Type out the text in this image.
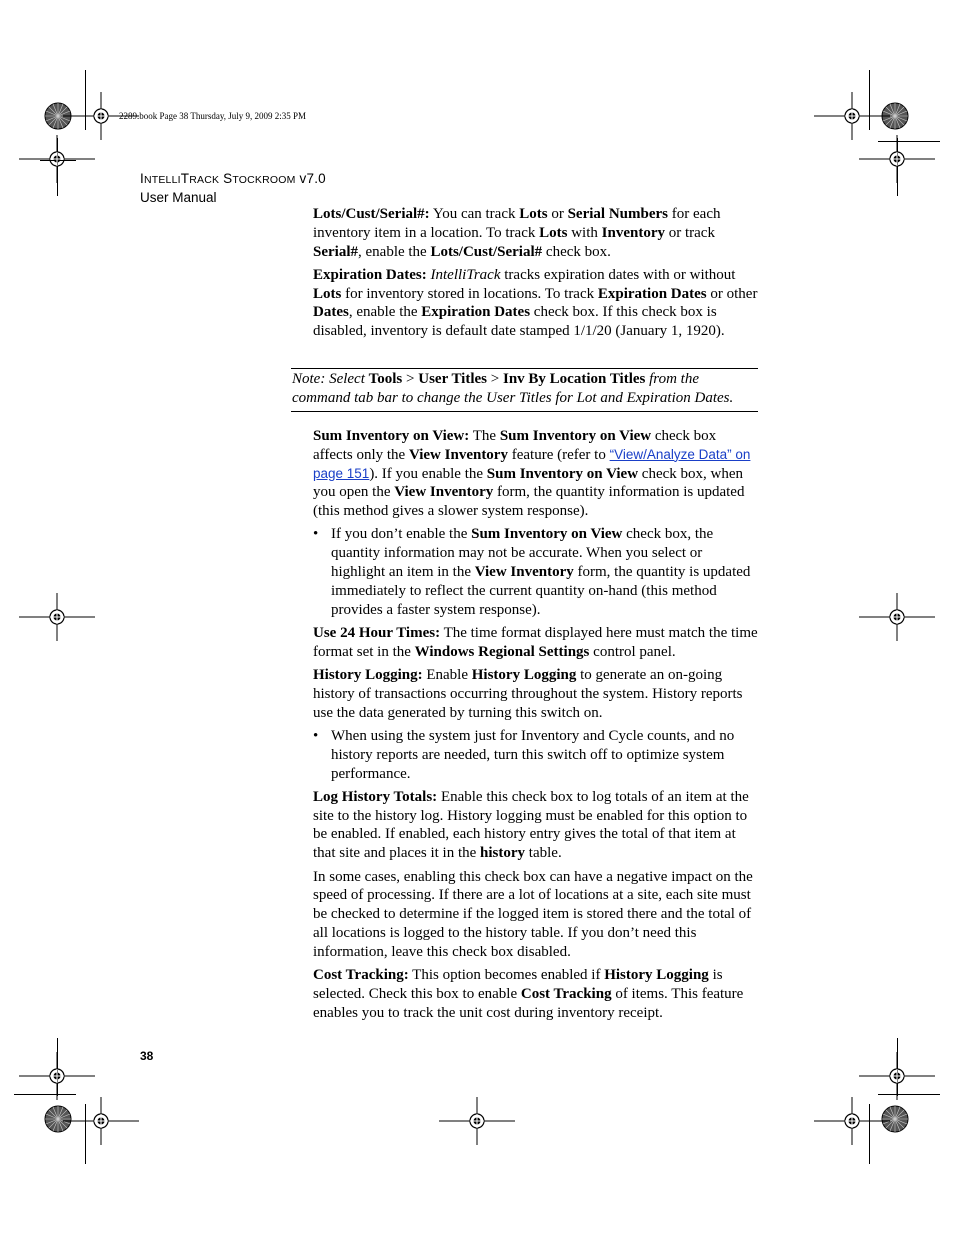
2289.book Page 38 Thursday, July 9, 2009 2:35 PM
INTELLITRACK STOCKROOM v7.0
User Manual

Lots/Cust/Serial#: You can track Lots or Serial Numbers for each inventory item in a location. To track Lots with Inventory or track Serial#, enable the Lots/Cust/Serial# check box.

Expiration Dates: IntelliTrack tracks expiration dates with or without Lots for inventory stored in locations. To track Expiration Dates or other Dates, enable the Expiration Dates check box. If this check box is disabled, inventory is default date stamped 1/1/20 (January 1, 1920).

Note: Select Tools > User Titles > Inv By Location Titles from the command tab bar to change the User Titles for Lot and Expiration Dates.

Sum Inventory on View: The Sum Inventory on View check box affects only the View Inventory feature (refer to “View/Analyze Data” on page 151). If you enable the Sum Inventory on View check box, when you open the View Inventory form, the quantity information is updated (this method gives a slower system response).

• If you don’t enable the Sum Inventory on View check box, the quantity information may not be accurate. When you select or highlight an item in the View Inventory form, the quantity is updated immediately to reflect the current quantity on-hand (this method provides a faster system response).

Use 24 Hour Times: The time format displayed here must match the time format set in the Windows Regional Settings control panel.

History Logging: Enable History Logging to generate an on-going history of transactions occurring throughout the system. History reports use the data generated by turning this switch on.

• When using the system just for Inventory and Cycle counts, and no history reports are needed, turn this switch off to optimize system performance.

Log History Totals: Enable this check box to log totals of an item at the site to the history log. History logging must be enabled for this option to be enabled. If enabled, each history entry gives the total of that item at that site and places it in the history table.

In some cases, enabling this check box can have a negative impact on the speed of processing. If there are a lot of locations at a site, each site must be checked to determine if the logged item is stored there and the total of all locations is logged to the history table. If you don’t need this information, leave this check box disabled.

Cost Tracking: This option becomes enabled if History Logging is selected. Check this box to enable Cost Tracking of items. This feature enables you to track the unit cost during inventory receipt.

38
